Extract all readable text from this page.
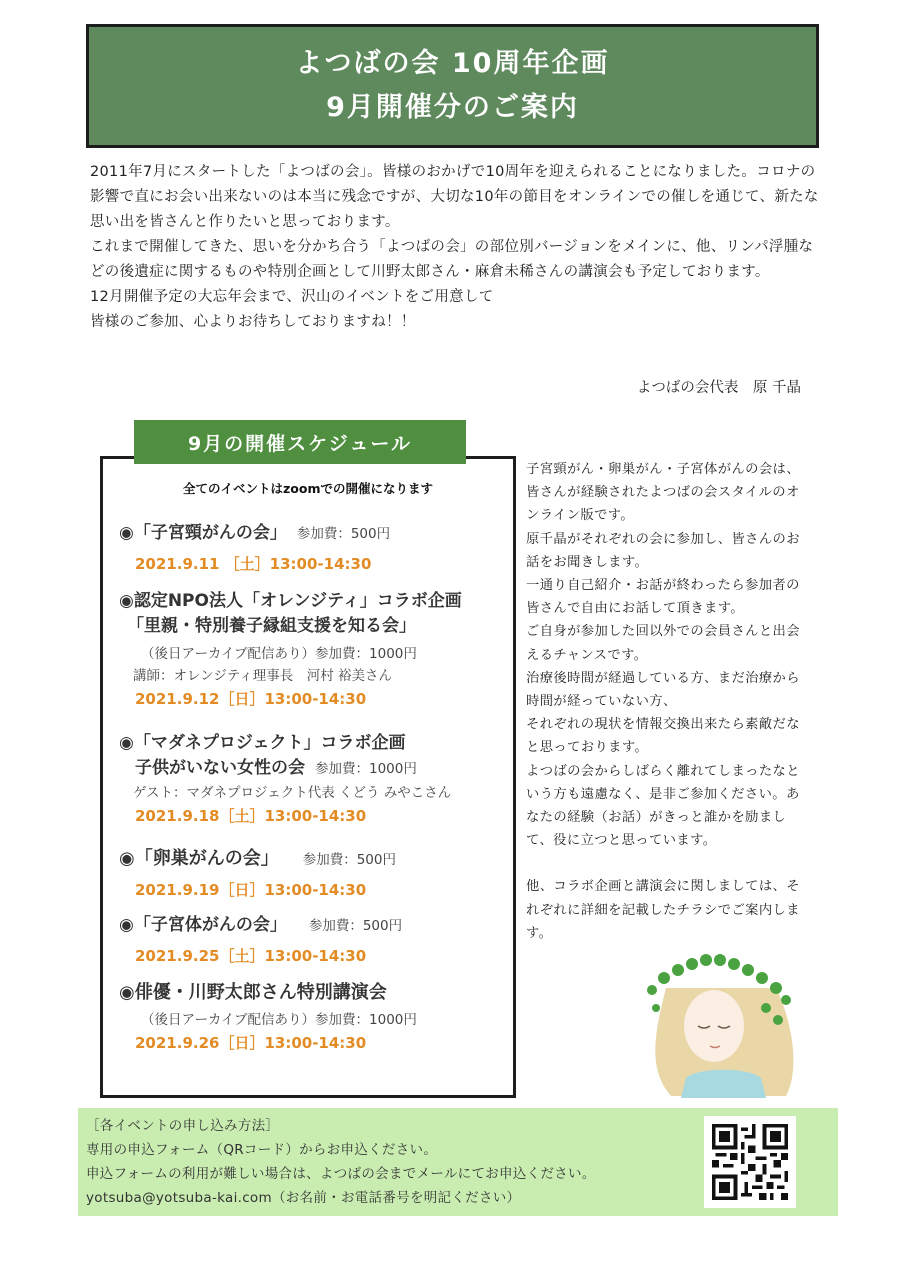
よつばの会 10周年企画
9月開催分のご案内

2011年7月にスタートした「よつばの会」。皆様のおかげで10周年を迎えられることになりました。コロナの影響で直にお会い出来ないのは本当に残念ですが、大切な10年の節目をオンラインでの催しを通じて、新たな思い出を皆さんと作りたいと思っております。

これまで開催してきた、思いを分かち合う「よつばの会」の部位別バージョンをメインに、他、リンパ浮腫などの後遺症に関するものや特別企画として川野太郎さん・麻倉未稀さんの講演会も予定しております。

12月開催予定の大忘年会まで、沢山のイベントをご用意して

皆様のご参加、心よりお待ちしておりますね！！

よつばの会代表　原 千晶
9月の開催スケジュール
全てのイベントはzoomでの開催になります
◉「子宮頸がんの会」 参加費：500円
2021.9.11 ［土］13:00-14:30
◉認定NPO法人「オレンジティ」コラボ企画
「里親・特別養子縁組支援を知る会」
（後日アーカイブ配信あり）参加費：1000円
講師：オレンジティ理事長　河村 裕美さん
2021.9.12［日］13:00-14:30
◉「マダネプロジェクト」コラボ企画
子供がいない女性の会 参加費：1000円
ゲスト：マダネプロジェクト代表 くどう みやこさん
2021.9.18［土］13:00-14:30
◉「卵巣がんの会」 参加費：500円
2021.9.19［日］13:00-14:30
◉「子宮体がんの会」 参加費：500円
2021.9.25［土］13:00-14:30
◉俳優・川野太郎さん特別講演会
（後日アーカイブ配信あり）参加費：1000円
2021.9.26［日］13:00-14:30

子宮頸がん・卵巣がん・子宮体がんの会は、皆さんが経験されたよつばの会スタイルのオンライン版です。

原千晶がそれぞれの会に参加し、皆さんのお話をお聞きします。

一通り自己紹介・お話が終わったら参加者の皆さんで自由にお話して頂きます。

ご自身が参加した回以外での会員さんと出会えるチャンスです。

治療後時間が経過している方、まだ治療から時間が経っていない方、

それぞれの現状を情報交換出来たら素敵だなと思っております。

よつばの会からしばらく離れてしまったなという方も遠慮なく、是非ご参加ください。あなたの経験（お話）がきっと誰かを励まして、役に立つと思っています。

他、コラボ企画と講演会に関しましては、それぞれに詳細を記載したチラシでご案内します。

［各イベントの申し込み方法］
専用の申込フォーム（QRコード）からお申込ください。
申込フォームの利用が難しい場合は、よつばの会までメールにてお申込ください。
yotsuba@yotsuba-kai.com（お名前・お電話番号を明記ください）
